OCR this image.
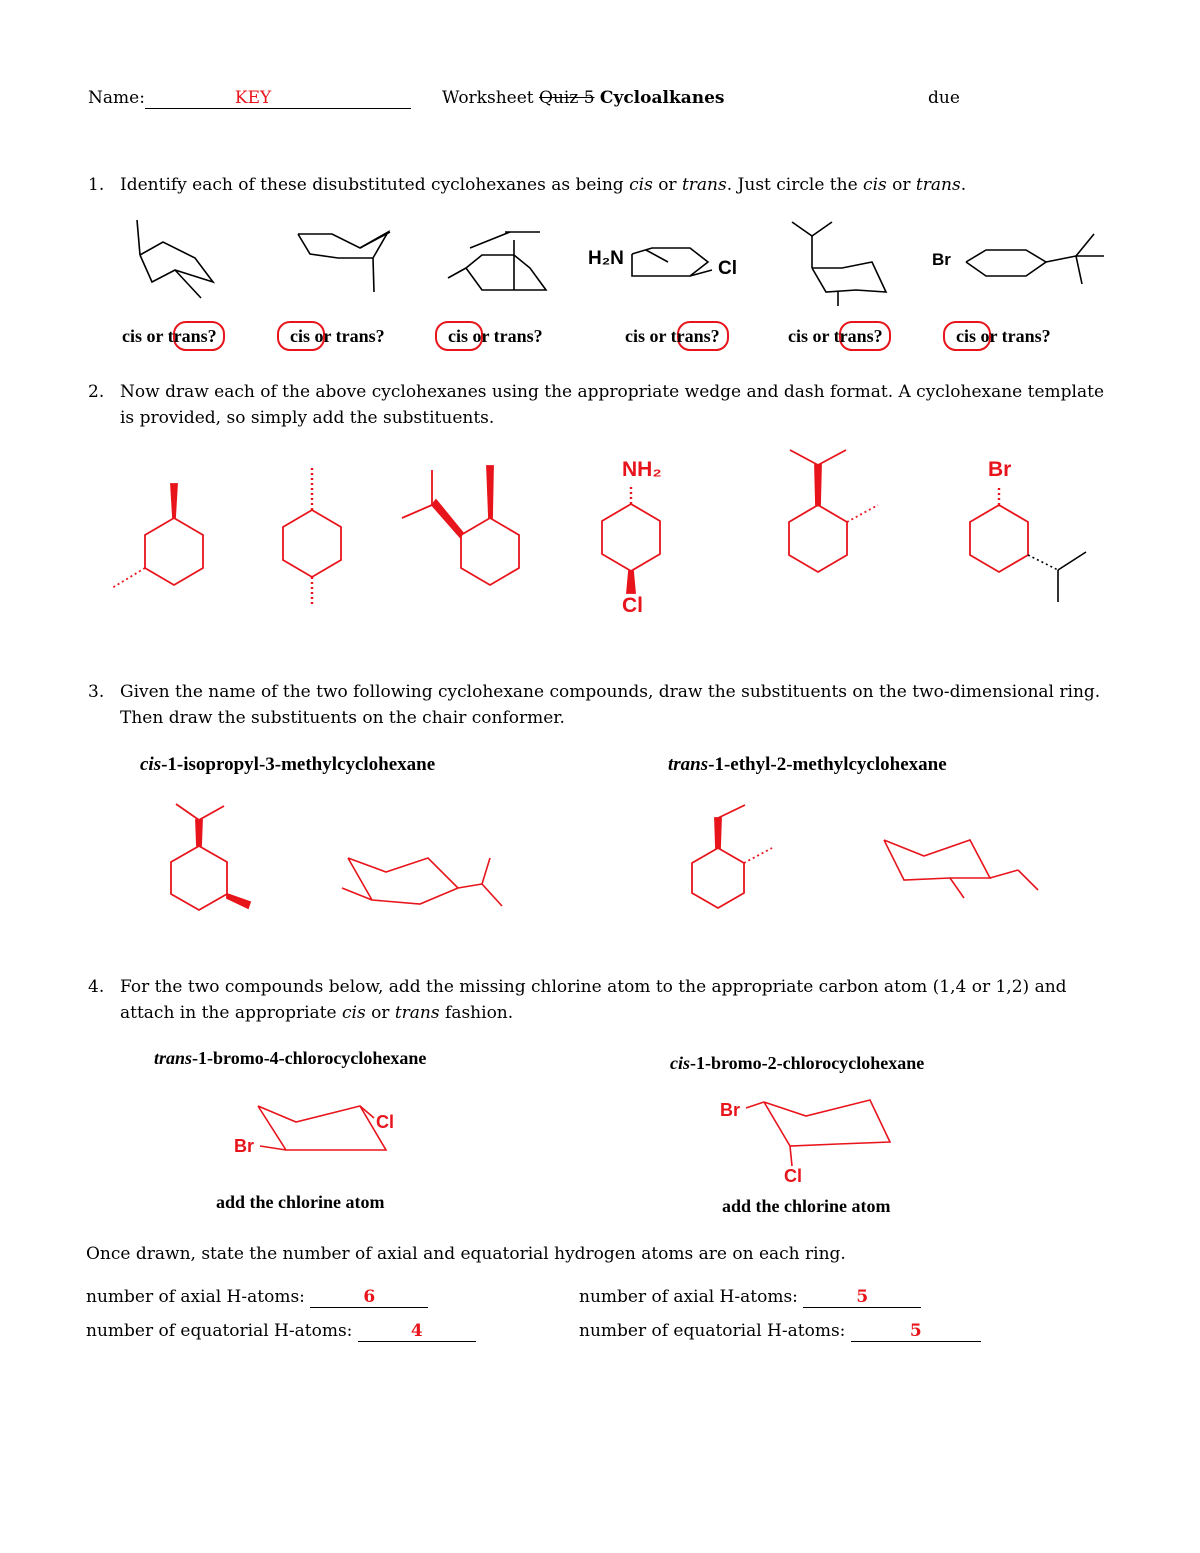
Name:	KEY	Worksheet Quiz 5 Cycloalkanes	due
1. Identify each of these disubstituted cyclohexanes as being cis or trans. Just circle the cis or trans.
H₂N	Cl	Br
cis or trans?	cis or trans?	cis or trans?	cis or trans?	cis or trans?	cis or trans?
2. Now draw each of the above cyclohexanes using the appropriate wedge and dash format. A cyclohexane template
is provided, so simply add the substituents.
NH₂
Cl
Br
3. Given the name of the two following cyclohexane compounds, draw the substituents on the two-dimensional ring.
Then draw the substituents on the chair conformer.
cis-1-isopropyl-3-methylcyclohexane	trans-1-ethyl-2-methylcyclohexane
4. For the two compounds below, add the missing chlorine atom to the appropriate carbon atom (1,4 or 1,2) and
attach in the appropriate cis or trans fashion.
trans-1-bromo-4-chlorocyclohexane	cis-1-bromo-2-chlorocyclohexane
Cl
Br
Br
Cl
add the chlorine atom	add the chlorine atom
Once drawn, state the number of axial and equatorial hydrogen atoms are on each ring.
number of axial H-atoms:	6
number of equatorial H-atoms:	4
number of axial H-atoms:	5
number of equatorial H-atoms:	5
